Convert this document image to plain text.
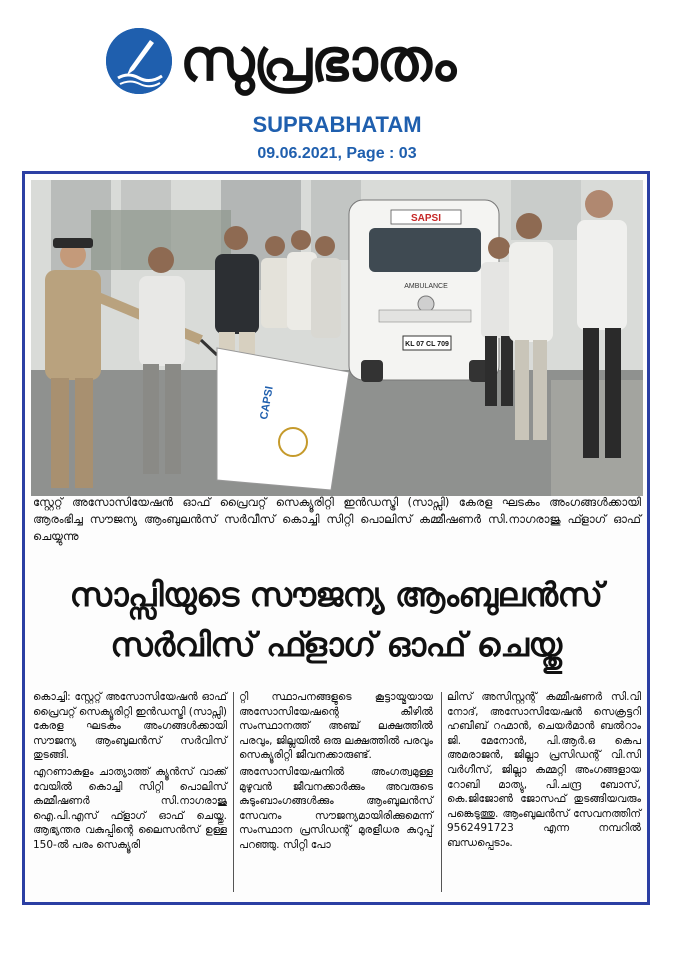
സുപ്രഭാതം
SUPRABHATAM
09.06.2021, Page : 03
SAPSI
AMBULANCE
KL 07 CL 709
CAPSI

സ്റ്റേറ്റ് അസോസിയേഷൻ ഓഫ് പ്രൈവറ്റ് സെക്യൂരിറ്റി ഇൻഡസ്ട്രി (സാപ്സി) കേരള ഘടകം അംഗങ്ങൾക്കായി ആരംഭിച്ച സൗജന്യ ആംബുലൻസ് സർവീസ് കൊച്ചി സിറ്റി പൊലിസ് കമ്മീഷണർ സി.നാഗരാജു ഫ്ളാഗ് ഓഫ് ചെയ്യുന്നു

സാപ്സിയുടെ സൗജന്യ ആംബുലൻസ്
സർവിസ് ഫ്ളാഗ് ഓഫ് ചെയ്തു

കൊച്ചി: സ്റ്റേറ്റ് അസോസിയേഷൻ ഓഫ് പ്രൈവറ്റ് സെക്യൂരിറ്റി ഇൻഡസ്ട്രി (സാപ്സി) കേരള ഘടകം അംഗങ്ങൾക്കായി സൗജന്യ ആംബുലൻസ് സർവിസ് തുടങ്ങി.

എറണാകുളം ചാത്യാത്ത് ക്യൂൻസ് വാക്ക് വേയിൽ കൊച്ചി സിറ്റി പൊലിസ് കമ്മീഷണർ സി.നാഗരാജു ഐ.പി.എസ് ഫ്ളാഗ് ഓഫ് ചെയ്തു. ആഭ്യന്തര വകുപ്പിന്റെ ലൈസൻസ് ഉള്ള 150-ൽ പരം സെക്യൂരി

റ്റി സ്ഥാപനങ്ങളുടെ കൂട്ടായ്മയായ അസോസിയേഷന്റെ കീഴിൽ സംസ്ഥാനത്ത് അഞ്ച് ലക്ഷത്തിൽ പരവും, ജില്ലയിൽ ഒരു ലക്ഷത്തിൽ പരവും സെക്യൂരിറ്റി ജീവനക്കാരുണ്ട്.

അസോസിയേഷനിൽ അംഗത്വമുള്ള മുഴുവൻ ജീവനക്കാർക്കും അവരുടെ കുടുംബാംഗങ്ങൾക്കും ആംബുലൻസ് സേവനം സൗജന്യമായിരിക്കുമെന്ന് സംസ്ഥാന പ്രസിഡന്റ് മുരളീധര കുറുപ്പ് പറഞ്ഞു. സിറ്റി പോ

ലിസ് അസിസ്റ്റന്റ് കമ്മീഷണർ സി.വി നോദ്, അസോസിയേഷൻ സെക്രട്ടറി ഹബീബ് റഹ്മാൻ, ചെയർമാൻ ബൽറാം ജി. മേനോൻ, പി.ആർ.ഒ കെപ അമരാജൻ, ജില്ലാ പ്രസിഡന്റ് വി.സി വർഗീസ്, ജില്ലാ കമ്മറ്റി അംഗങ്ങളായ റോബി മാത്യു, പി.ചന്ദ്ര ബോസ്, കെ.ജിജോൺ ജോസഫ് തുടങ്ങിയവരും പങ്കെടുത്തു. ആംബുലൻസ് സേവനത്തിന് 9562491723 എന്ന നമ്പറിൽ ബന്ധപ്പെടാം.
